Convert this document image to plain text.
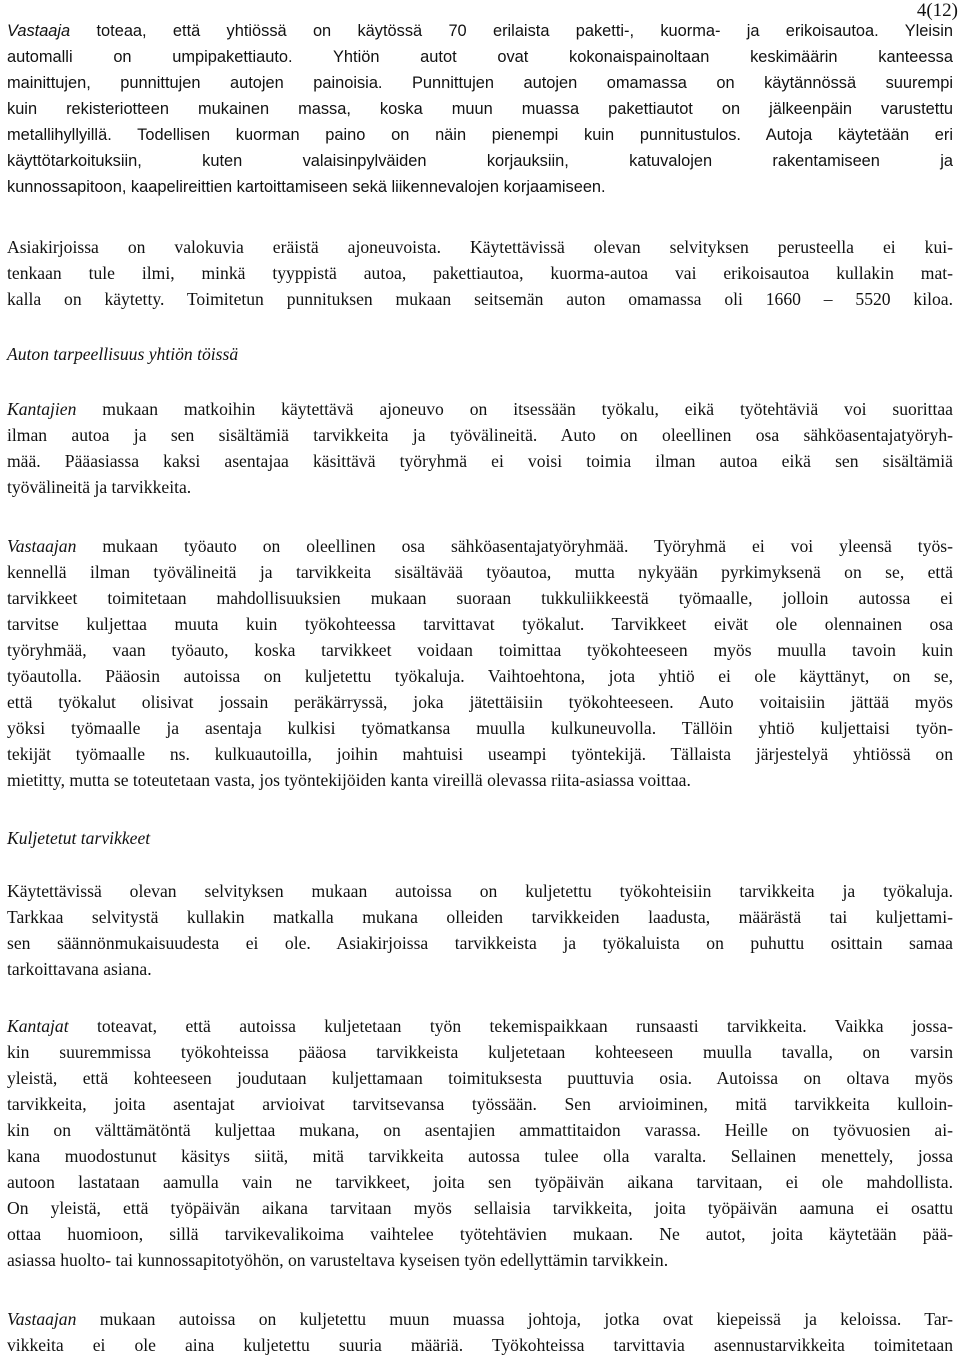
4(12)
Vastaaja toteaa, että yhtiössä on käytössä 70 erilaista paketti-, kuorma- ja erikoisautoa. Yleisin
automalli on umpipakettiauto. Yhtiön autot ovat kokonaispainoltaan keskimäärin kanteessa
mainittujen, punnittujen autojen painoisia. Punnittujen autojen omamassa on käytännössä suurempi
kuin rekisteriotteen mukainen massa, koska muun muassa pakettiautot on jälkeenpäin varustettu
metallihyllyillä. Todellisen kuorman paino on näin pienempi kuin punnitustulos. Autoja käytetään eri
käyttötarkoituksiin, kuten valaisinpylväiden korjauksiin, katuvalojen rakentamiseen ja
kunnossapitoon, kaapelireittien kartoittamiseen sekä liikennevalojen korjaamiseen.
Asiakirjoissa on valokuvia eräistä ajoneuvoista. Käytettävissä olevan selvityksen perusteella ei kui-
tenkaan tule ilmi, minkä tyyppistä autoa, pakettiautoa, kuorma-autoa vai erikoisautoa kullakin mat-
kalla on käytetty. Toimitetun punnituksen mukaan seitsemän auton omamassa oli 1660 – 5520 kiloa.
Auton tarpeellisuus yhtiön töissä
Kantajien mukaan matkoihin käytettävä ajoneuvo on itsessään työkalu, eikä työtehtäviä voi suorittaa
ilman autoa ja sen sisältämiä tarvikkeita ja työvälineitä. Auto on oleellinen osa sähköasentajatyöryh-
mää. Pääasiassa kaksi asentajaa käsittävä työryhmä ei voisi toimia ilman autoa eikä sen sisältämiä
työvälineitä ja tarvikkeita.
Vastaajan mukaan työauto on oleellinen osa sähköasentajatyöryhmää. Työryhmä ei voi yleensä työs-
kennellä ilman työvälineitä ja tarvikkeita sisältävää työautoa, mutta nykyään pyrkimyksenä on se, että
tarvikkeet toimitetaan mahdollisuuksien mukaan suoraan tukkuliikkeestä työmaalle, jolloin autossa ei
tarvitse kuljettaa muuta kuin työkohteessa tarvittavat työkalut. Tarvikkeet eivät ole olennainen osa
työryhmää, vaan työauto, koska tarvikkeet voidaan toimittaa työkohteeseen myös muulla tavoin kuin
työautolla. Pääosin autoissa on kuljetettu työkaluja. Vaihtoehtona, jota yhtiö ei ole käyttänyt, on se,
että työkalut olisivat jossain peräkärryssä, joka jätettäisiin työkohteeseen. Auto voitaisiin jättää myös
yöksi työmaalle ja asentaja kulkisi työmatkansa muulla kulkuneuvolla. Tällöin yhtiö kuljettaisi työn-
tekijät työmaalle ns. kulkuautoilla, joihin mahtuisi useampi työntekijä. Tällaista järjestelyä yhtiössä on
mietitty, mutta se toteutetaan vasta, jos työntekijöiden kanta vireillä olevassa riita-asiassa voittaa.
Kuljetetut tarvikkeet
Käytettävissä olevan selvityksen mukaan autoissa on kuljetettu työkohteisiin tarvikkeita ja työkaluja.
Tarkkaa selvitystä kullakin matkalla mukana olleiden tarvikkeiden laadusta, määrästä tai kuljettami-
sen säännönmukaisuudesta ei ole. Asiakirjoissa tarvikkeista ja työkaluista on puhuttu osittain samaa
tarkoittavana asiana.
Kantajat toteavat, että autoissa kuljetetaan työn tekemispaikkaan runsaasti tarvikkeita. Vaikka jossa-
kin suuremmissa työkohteissa pääosa tarvikkeista kuljetetaan kohteeseen muulla tavalla, on varsin
yleistä, että kohteeseen joudutaan kuljettamaan toimituksesta puuttuvia osia. Autoissa on oltava myös
tarvikkeita, joita asentajat arvioivat tarvitsevansa työssään. Sen arvioiminen, mitä tarvikkeita kulloin-
kin on välttämätöntä kuljettaa mukana, on asentajien ammattitaidon varassa. Heille on työvuosien ai-
kana muodostunut käsitys siitä, mitä tarvikkeita autossa tulee olla varalta. Sellainen menettely, jossa
autoon lastataan aamulla vain ne tarvikkeet, joita sen työpäivän aikana tarvitaan, ei ole mahdollista.
On yleistä, että työpäivän aikana tarvitaan myös sellaisia tarvikkeita, joita työpäivän aamuna ei osattu
ottaa huomioon, sillä tarvikevalikoima vaihtelee työtehtävien mukaan. Ne autot, joita käytetään pää-
asiassa huolto- tai kunnossapitotyöhön, on varusteltava kyseisen työn edellyttämin tarvikkein.
Vastaajan mukaan autoissa on kuljetettu muun muassa johtoja, jotka ovat kiepeissä ja keloissa. Tar-
vikkeita ei ole aina kuljetettu suuria määriä. Työkohteissa tarvittavia asennustarvikkeita toimitetaan
